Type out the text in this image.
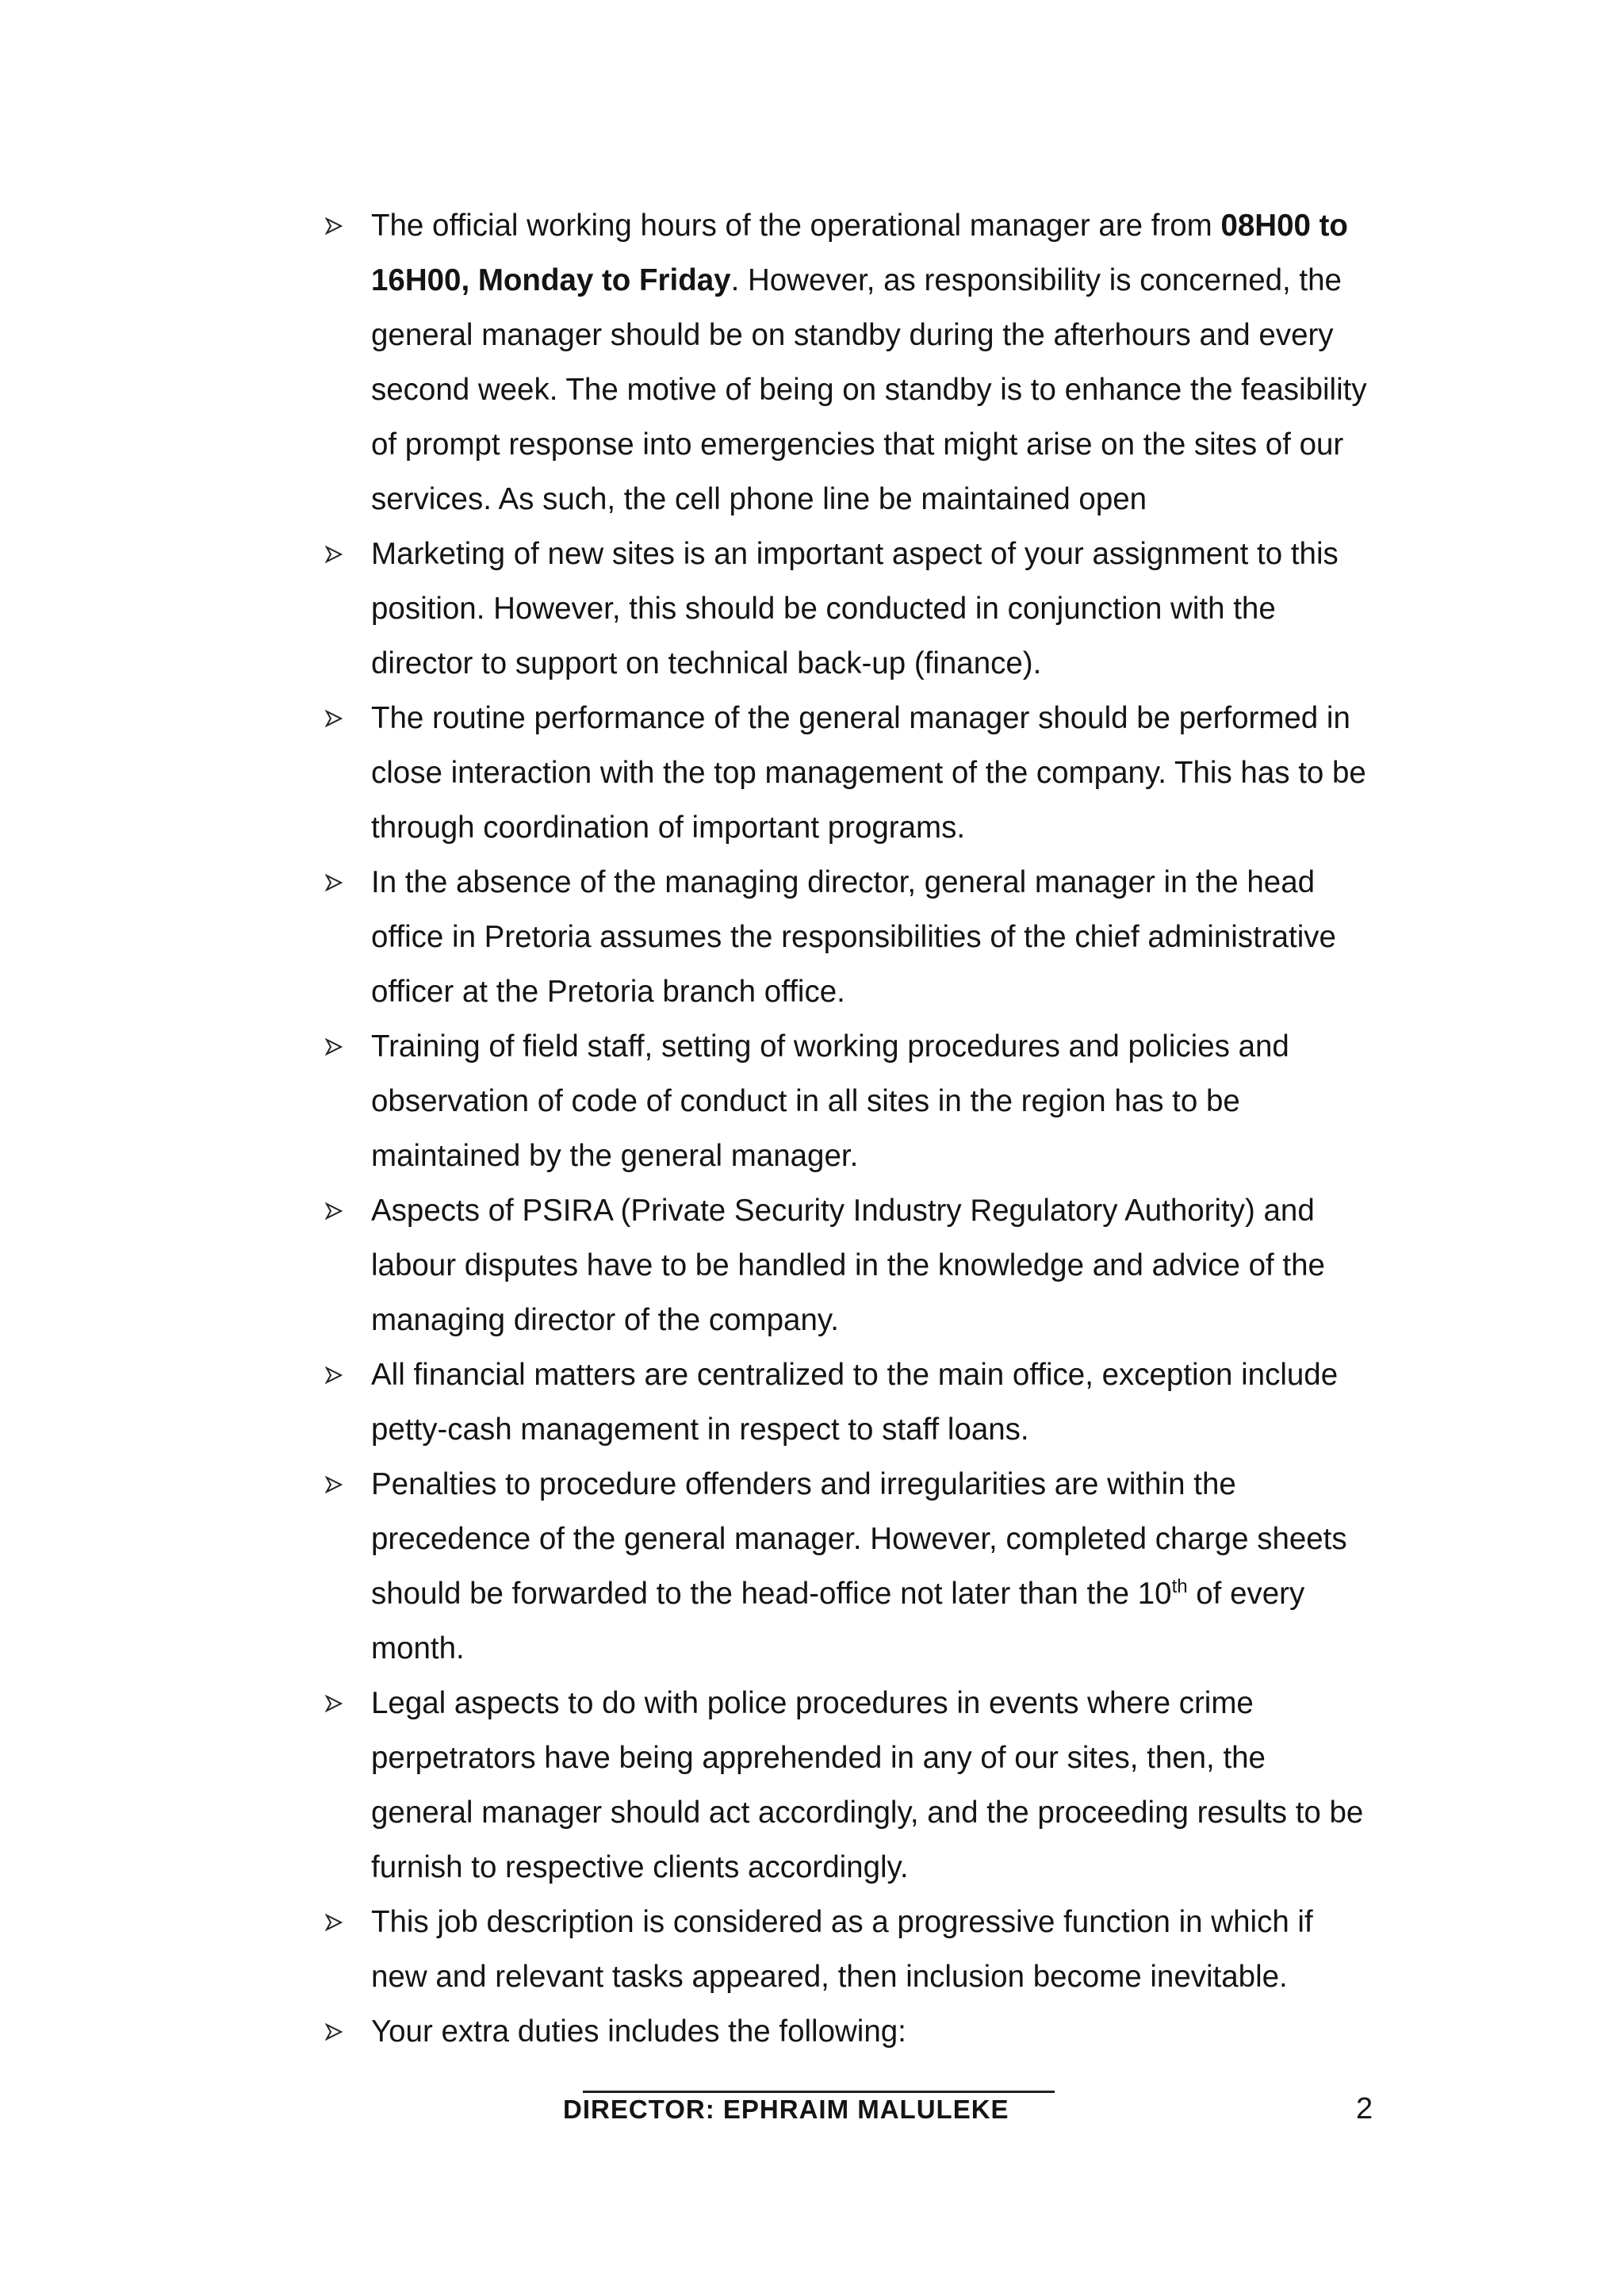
The official working hours of the operational manager are from 08H00 to 16H00, Monday to Friday. However, as responsibility is concerned, the general manager should be on standby during the afterhours and every second week. The motive of being on standby is to enhance the feasibility of prompt response into emergencies that might arise on the sites of our services. As such, the cell phone line be maintained open
Marketing of new sites is an important aspect of your assignment to this position. However, this should be conducted in conjunction with the director to support on technical back-up (finance).
The routine performance of the general manager should be performed in close interaction with the top management of the company. This has to be through coordination of important programs.
In the absence of the managing director, general manager in the head office in Pretoria assumes the responsibilities of the chief administrative officer at the Pretoria branch office.
Training of field staff, setting of working procedures and policies and observation of code of conduct in all sites in the region has to be maintained by the general manager.
Aspects of PSIRA (Private Security Industry Regulatory Authority) and labour disputes have to be handled in the knowledge and advice of the managing director of the company.
All financial matters are centralized to the main office, exception include petty-cash management in respect to staff loans.
Penalties to procedure offenders and irregularities are within the precedence of the general manager. However, completed charge sheets should be forwarded to the head-office not later than the 10th of every month.
Legal aspects to do with police procedures in events where crime perpetrators have being apprehended in any of our sites, then, the general manager should act accordingly, and the proceeding results to be furnish to respective clients accordingly.
This job description is considered as a progressive function in which if new and relevant tasks appeared, then inclusion become inevitable.
Your extra duties includes the following:
DIRECTOR: EPHRAIM MALULEKE	2
